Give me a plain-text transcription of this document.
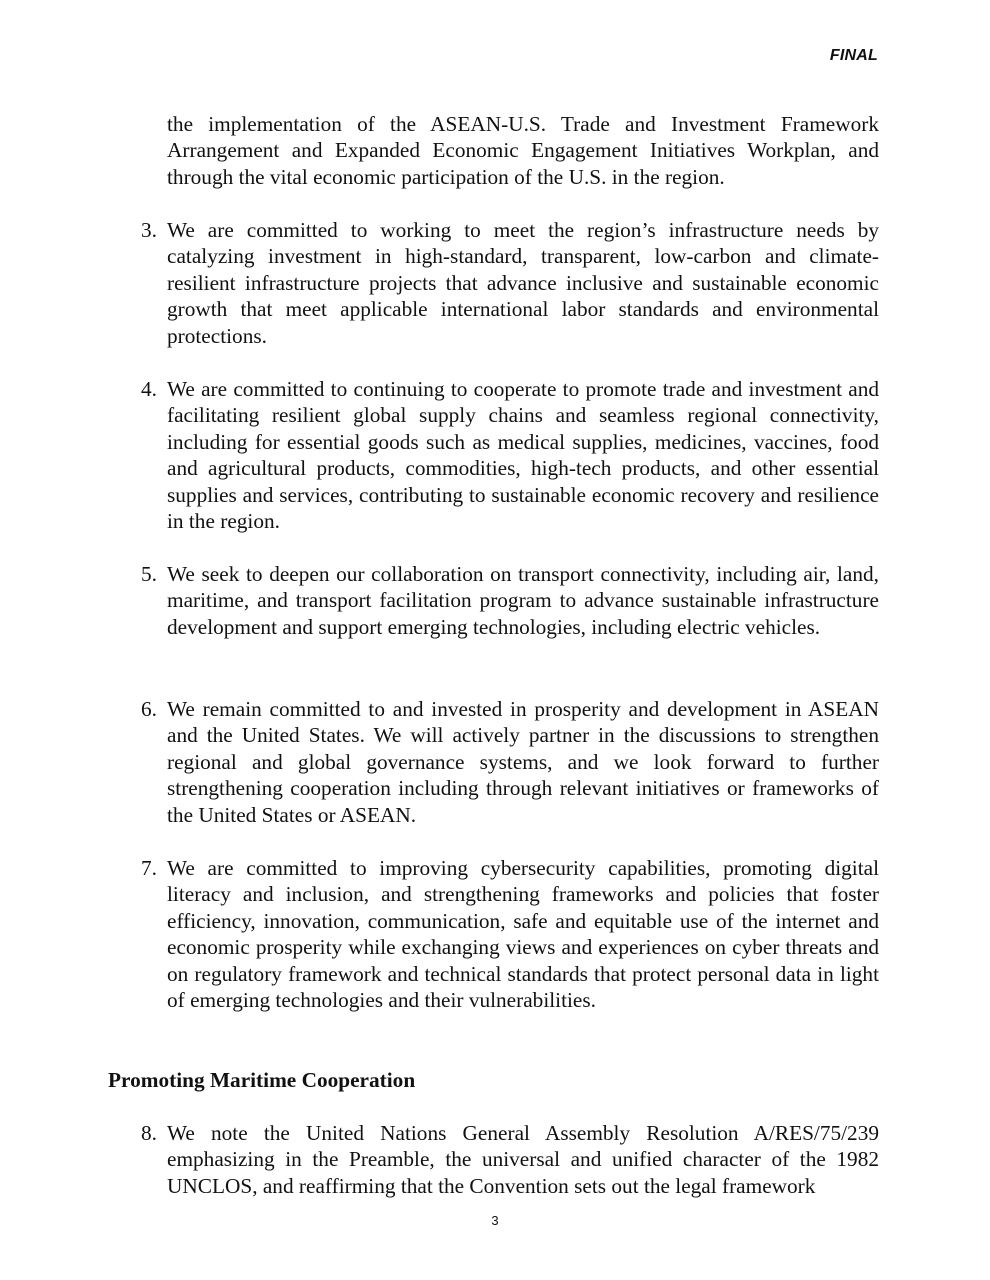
FINAL

the implementation of the ASEAN-U.S. Trade and Investment Framework Arrangement and Expanded Economic Engagement Initiatives Workplan, and through the vital economic participation of the U.S. in the region.

3. We are committed to working to meet the region’s infrastructure needs by catalyzing investment in high-standard, transparent, low-carbon and climate-resilient infrastructure projects that advance inclusive and sustainable economic growth that meet applicable international labor standards and environmental protections.

4. We are committed to continuing to cooperate to promote trade and investment and facilitating resilient global supply chains and seamless regional connectivity, including for essential goods such as medical supplies, medicines, vaccines, food and agricultural products, commodities, high-tech products, and other essential supplies and services, contributing to sustainable economic recovery and resilience in the region.

5. We seek to deepen our collaboration on transport connectivity, including air, land, maritime, and transport facilitation program to advance sustainable infrastructure development and support emerging technologies, including electric vehicles.

6. We remain committed to and invested in prosperity and development in ASEAN and the United States. We will actively partner in the discussions to strengthen regional and global governance systems, and we look forward to further strengthening cooperation including through relevant initiatives or frameworks of the United States or ASEAN.

7. We are committed to improving cybersecurity capabilities, promoting digital literacy and inclusion, and strengthening frameworks and policies that foster efficiency, innovation, communication, safe and equitable use of the internet and economic prosperity while exchanging views and experiences on cyber threats and on regulatory framework and technical standards that protect personal data in light of emerging technologies and their vulnerabilities.

Promoting Maritime Cooperation
8. We note the United Nations General Assembly Resolution A/RES/75/239 emphasizing in the Preamble, the universal and unified character of the 1982 UNCLOS, and reaffirming that the Convention sets out the legal framework

3
